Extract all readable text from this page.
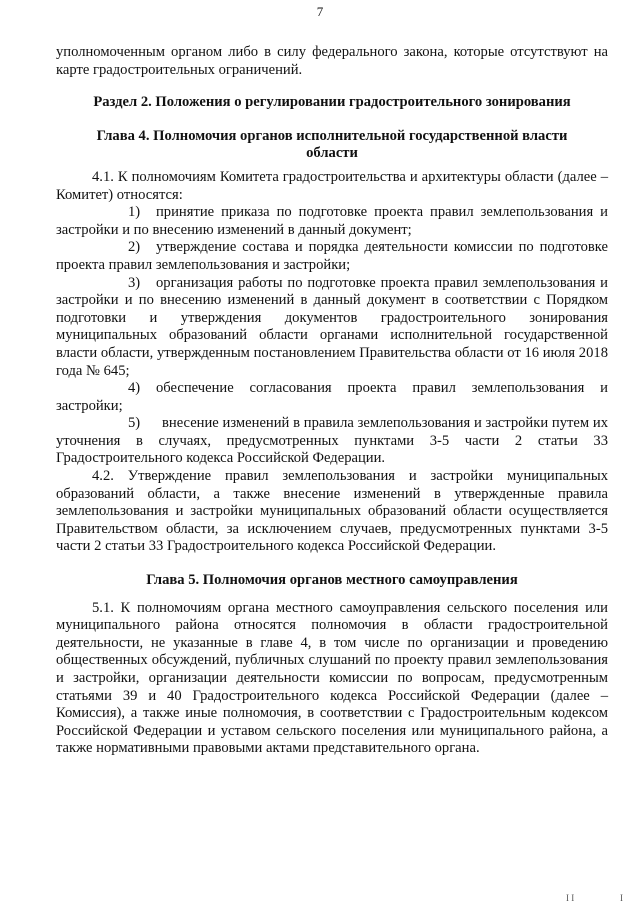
7

уполномоченным органом либо в силу федерального закона, которые отсутствуют на карте градостроительных ограничений.

Раздел 2. Положения о регулировании градостроительного зонирования

Глава 4. Полномочия органов исполнительной государственной власти области

4.1. К полномочиям Комитета градостроительства и архитектуры области (далее – Комитет) относятся:

1) принятие приказа по подготовке проекта правил землепользования и застройки и по внесению изменений в данный документ;

2) утверждение состава и порядка деятельности комиссии по подготовке проекта правил землепользования и застройки;

3) организация работы по подготовке проекта правил землепользования и застройки и по внесению изменений в данный документ в соответствии с Порядком подготовки и утверждения документов градостроительного зонирования муниципальных образований области органами исполнительной государственной власти области, утвержденным постановлением Правительства области от 16 июля 2018 года № 645;

4) обеспечение согласования проекта правил землепользования и застройки;

5) внесение изменений в правила землепользования и застройки путем их уточнения в случаях, предусмотренных пунктами 3-5 части 2 статьи 33 Градостроительного кодекса Российской Федерации.

4.2. Утверждение правил землепользования и застройки муниципальных образований области, а также внесение изменений в утвержденные правила землепользования и застройки муниципальных образований области осуществляется Правительством области, за исключением случаев, предусмотренных пунктами 3-5 части 2 статьи 33 Градостроительного кодекса Российской Федерации.

Глава 5. Полномочия органов местного самоуправления

5.1. К полномочиям органа местного самоуправления сельского поселения или муниципального района относятся полномочия в области градостроительной деятельности, не указанные в главе 4, в том числе по организации и проведению общественных обсуждений, публичных слушаний по проекту правил землепользования и застройки, организации деятельности комиссии по вопросам, предусмотренным статьями 39 и 40 Градостроительного кодекса Российской Федерации (далее – Комиссия), а также иные полномочия, в соответствии с Градостроительным кодексом Российской Федерации и уставом сельского поселения или муниципального района, а также нормативными правовыми актами представительного органа.

I I	I
